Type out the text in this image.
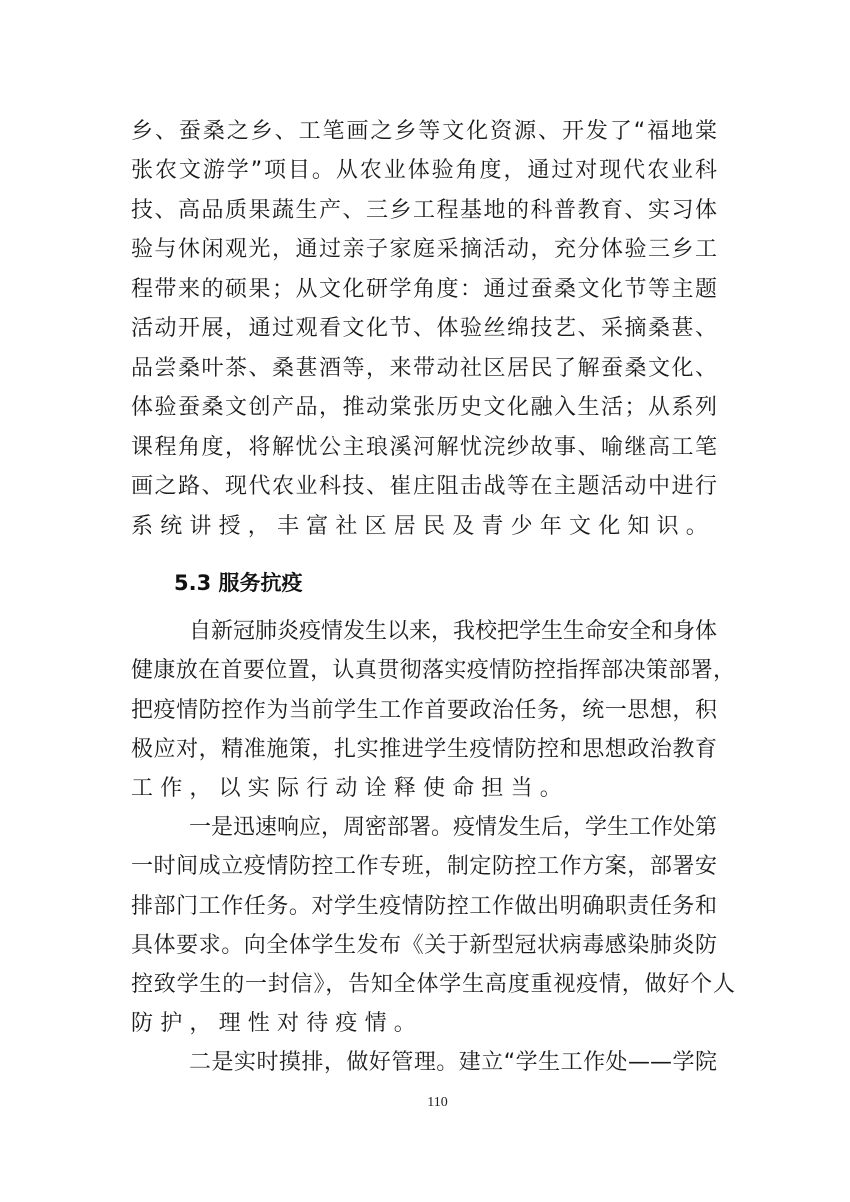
乡、蚕桑之乡、工笔画之乡等文化资源、开发了“福地棠
张农文游学”项目。从农业体验角度，通过对现代农业科
技、高品质果蔬生产、三乡工程基地的科普教育、实习体
验与休闲观光，通过亲子家庭采摘活动，充分体验三乡工
程带来的硕果；从文化研学角度：通过蚕桑文化节等主题
活动开展，通过观看文化节、体验丝绵技艺、采摘桑葚、
品尝桑叶茶、桑葚酒等，来带动社区居民了解蚕桑文化、
体验蚕桑文创产品，推动棠张历史文化融入生活；从系列
课程角度，将解忧公主琅溪河解忧浣纱故事、喻继高工笔
画之路、现代农业科技、崔庄阻击战等在主题活动中进行
系统讲授，丰富社区居民及青少年文化知识。
5.3 服务抗疫
自新冠肺炎疫情发生以来，我校把学生生命安全和身体
健康放在首要位置，认真贯彻落实疫情防控指挥部决策部署，
把疫情防控作为当前学生工作首要政治任务，统一思想，积
极应对，精准施策，扎实推进学生疫情防控和思想政治教育
工作，以实际行动诠释使命担当。
一是迅速响应，周密部署。疫情发生后，学生工作处第
一时间成立疫情防控工作专班，制定防控工作方案，部署安
排部门工作任务。对学生疫情防控工作做出明确职责任务和
具体要求。向全体学生发布《关于新型冠状病毒感染肺炎防
控致学生的一封信》，告知全体学生高度重视疫情，做好个人
防护，理性对待疫情。
二是实时摸排，做好管理。建立“学生工作处——学院
110
